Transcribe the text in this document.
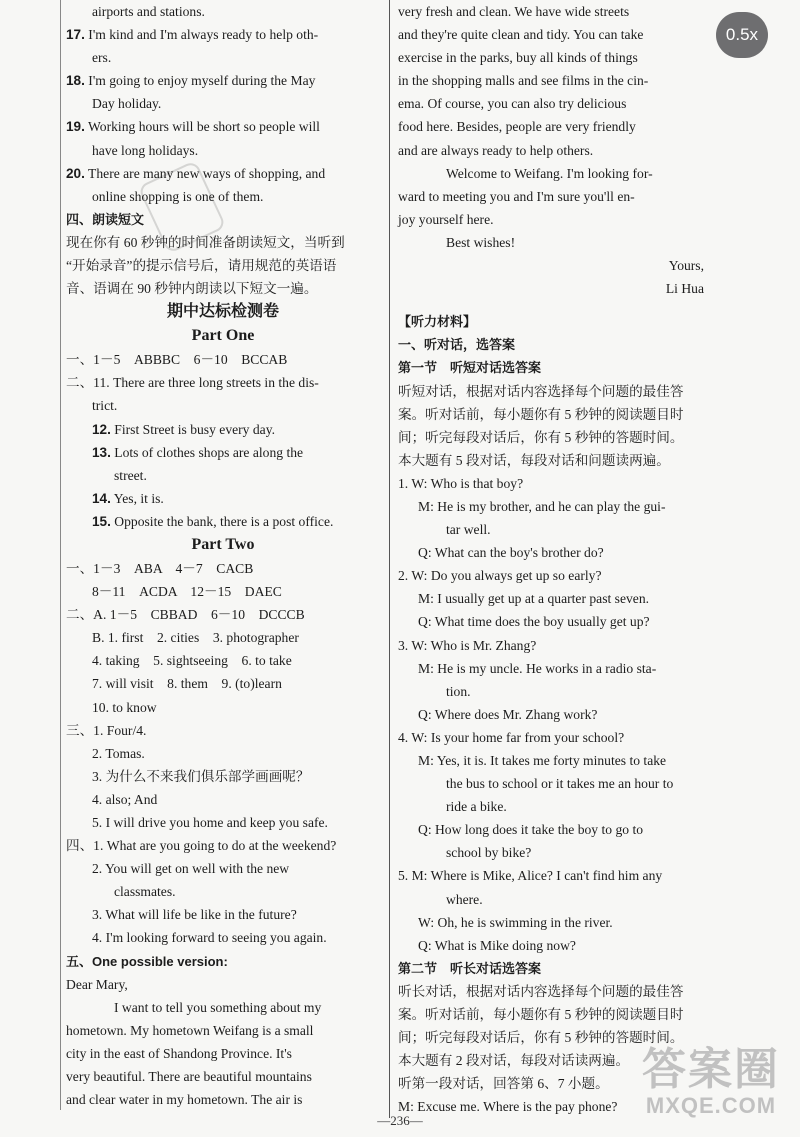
airports and stations.
17. I'm kind and I'm always ready to help oth-
ers.
18. I'm going to enjoy myself during the May
Day holiday.
19. Working hours will be short so people will
have long holidays.
20. There are many new ways of shopping, and
online shopping is one of them.
四、朗读短文
现在你有 60 秒钟的时间准备朗读短文，当听到
“开始录音”的提示信号后，请用规范的英语语
音、语调在 90 秒钟内朗读以下短文一遍。
期中达标检测卷
Part One
一、1－5　ABBBC　6－10　BCCAB
二、11. There are three long streets in the dis-
trict.
12. First Street is busy every day.
13. Lots of clothes shops are along the
street.
14. Yes, it is.
15. Opposite the bank, there is a post office.
Part Two
一、1－3　ABA　4－7　CACB
8－11　ACDA　12－15　DAEC
二、A. 1－5　CBBAD　6－10　DCCCB
B. 1. first　2. cities　3. photographer
4. taking　5. sightseeing　6. to take
7. will visit　8. them　9. (to)learn
10. to know
三、1. Four/4.
2. Tomas.
3. 为什么不来我们俱乐部学画画呢？
4. also; And
5. I will drive you home and keep you safe.
四、1. What are you going to do at the weekend?
2. You will get on well with the new
classmates.
3. What will life be like in the future?
4. I'm looking forward to seeing you again.
五、One possible version:
Dear Mary,
I want to tell you something about my
hometown. My hometown Weifang is a small
city in the east of Shandong Province. It's
very beautiful. There are beautiful mountains
and clear water in my hometown. The air is
very fresh and clean. We have wide streets
and they're quite clean and tidy. You can take
exercise in the parks, buy all kinds of things
in the shopping malls and see films in the cin-
ema. Of course, you can also try delicious
food here. Besides, people are very friendly
and are always ready to help others.
Welcome to Weifang. I'm looking for-
ward to meeting you and I'm sure you'll en-
joy yourself here.
Best wishes!
Yours,
Li Hua
【听力材料】
一、听对话，选答案
第一节　听短对话选答案
听短对话，根据对话内容选择每个问题的最佳答
案。听对话前，每小题你有 5 秒钟的阅读题目时
间；听完每段对话后，你有 5 秒钟的答题时间。
本大题有 5 段对话，每段对话和问题读两遍。
1. W: Who is that boy?
M: He is my brother, and he can play the gui-
tar well.
Q: What can the boy's brother do?
2. W: Do you always get up so early?
M: I usually get up at a quarter past seven.
Q: What time does the boy usually get up?
3. W: Who is Mr. Zhang?
M: He is my uncle. He works in a radio sta-
tion.
Q: Where does Mr. Zhang work?
4. W: Is your home far from your school?
M: Yes, it is. It takes me forty minutes to take
the bus to school or it takes me an hour to
ride a bike.
Q: How long does it take the boy to go to
school by bike?
5. M: Where is Mike, Alice? I can't find him any
where.
W: Oh, he is swimming in the river.
Q: What is Mike doing now?
第二节　听长对话选答案
听长对话，根据对话内容选择每个问题的最佳答
案。听对话前，每小题你有 5 秒钟的阅读题目时
间；听完每段对话后，你有 5 秒钟的答题时间。
本大题有 2 段对话，每段对话读两遍。
听第一段对话，回答第 6、7 小题。
M: Excuse me. Where is the pay phone?
—236—
0.5x
答案圈
MXQE.COM
